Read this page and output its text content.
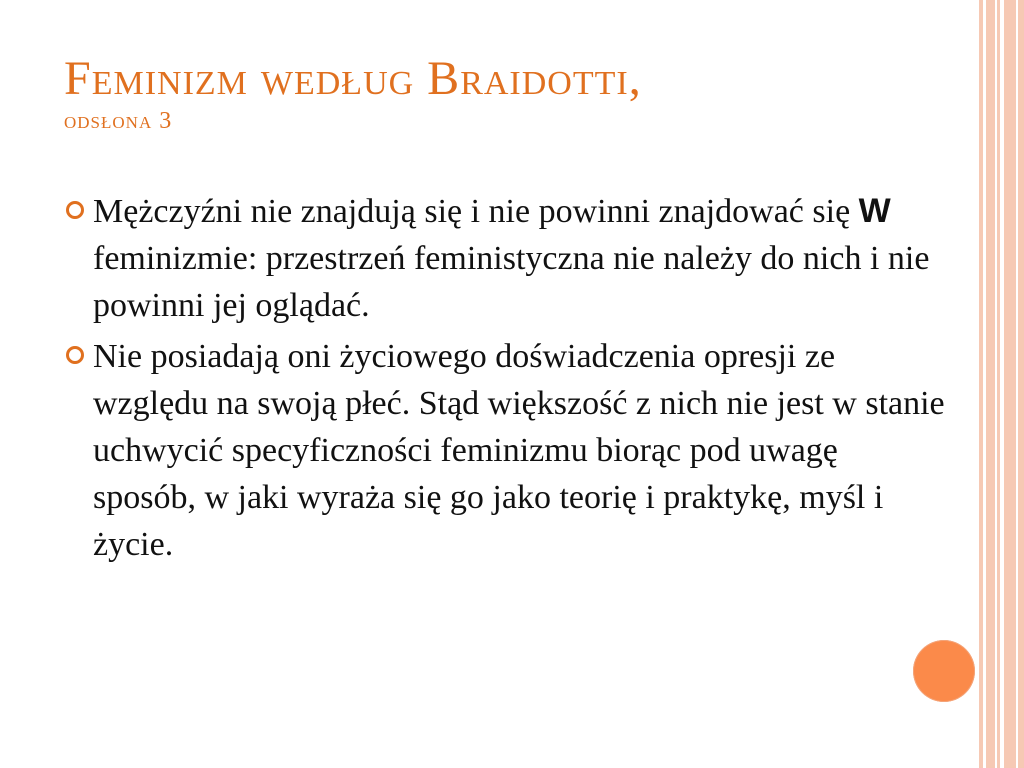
Feminizm według Braidotti,
odsłona 3
Mężczyźni nie znajdują się i nie powinni znajdować się W feminizmie: przestrzeń feministyczna nie należy do nich i nie powinni jej oglądać.
Nie posiadają oni życiowego doświadczenia opresji ze względu na swoją płeć. Stąd większość z nich nie jest w stanie uchwycić specyficzności feminizmu biorąc pod uwagę sposób, w jaki wyraża się go jako teorię i praktykę, myśl i życie.
